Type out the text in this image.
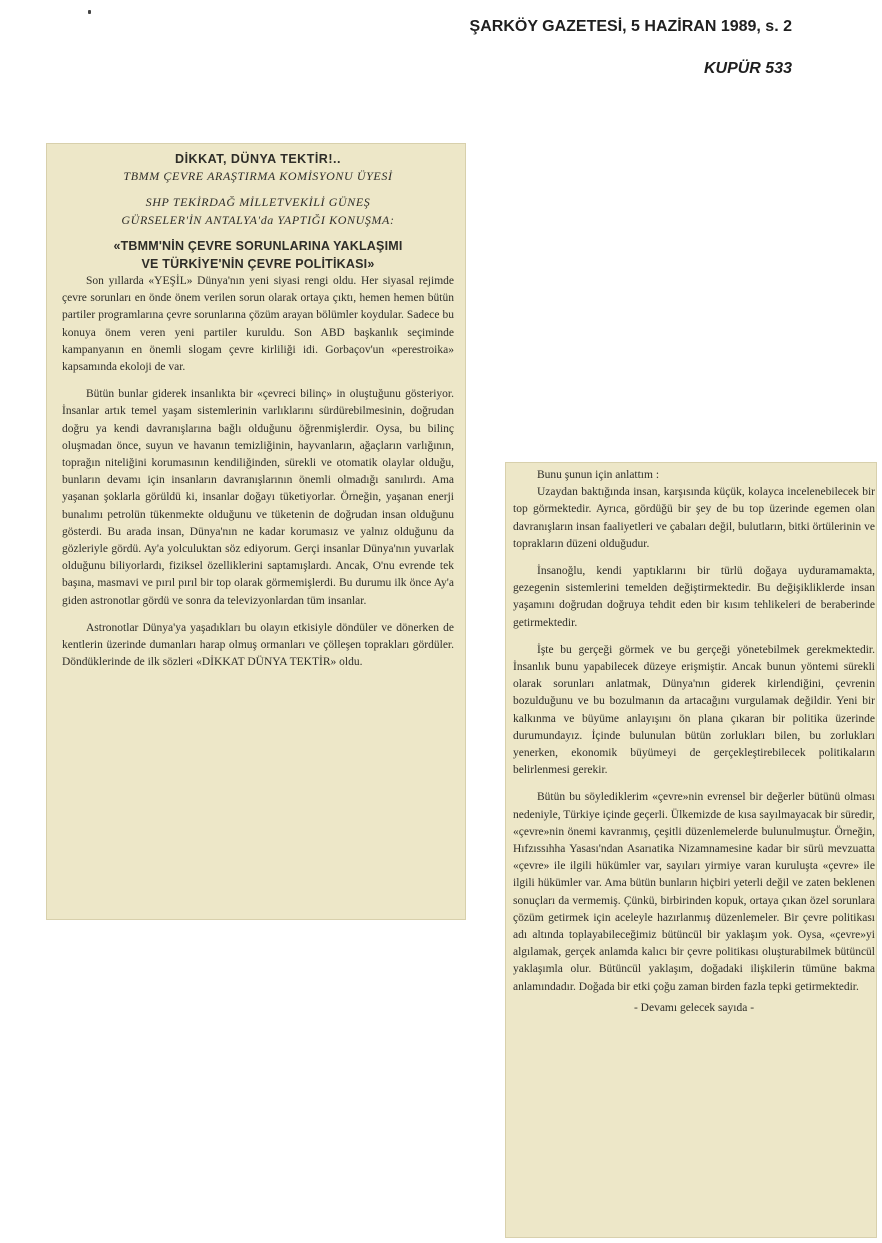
ŞARKÖY GAZETESİ, 5 HAZİRAN 1989, s. 2
KUPÜR 533

DİKKAT, DÜNYA TEKTİR!..

TBMM ÇEVRE ARAŞTIRMA KOMİSYONU ÜYESİ

SHP TEKİRDAĞ MİLLETVEKİLİ GÜNEŞ

GÜRSELER'İN ANTALYA'da YAPTIĞI KONUŞMA:

«TBMM'NİN ÇEVRE SORUNLARINA YAKLAŞIMI

VE TÜRKİYE'NİN ÇEVRE POLİTİKASI»

Son yıllarda «YEŞİL» Dünya'nın yeni siyasi rengi oldu. Her siyasal rejimde çevre sorunları en önde önem verilen sorun olarak ortaya çıktı, hemen hemen bütün partiler programlarına çevre sorunlarına çözüm arayan bölümler koydular. Sadece bu konuya önem veren yeni partiler kuruldu. Son ABD başkanlık seçiminde kampanyanın en önemli slogam çevre kirliliği idi. Gorbaçov'un «perestroika» kapsamında ekoloji de var.

Bütün bunlar giderek insanlıkta bir «çevreci bilinç» in oluştuğunu gösteriyor. İnsanlar artık temel yaşam sistemlerinin varlıklarını sürdürebilmesinin, doğrudan doğru ya kendi davranışlarına bağlı olduğunu öğrenmişlerdir. Oysa, bu bilinç oluşmadan önce, suyun ve havanın temizliğinin, hayvanların, ağaçların varlığının, toprağın niteliğini korumasının kendiliğinden, sürekli ve otomatik olaylar olduğu, bunların devamı için insanların davranışlarının önemli olmadığı sanılırdı. Ama yaşanan şoklarla görüldü ki, insanlar doğayı tüketiyorlar. Örneğin, yaşanan enerji bunalımı petrolün tükenmekte olduğunu ve tüketenin de doğrudan insan olduğunu gösterdi. Bu arada insan, Dünya'nın ne kadar korumasız ve yalnız olduğunu da gözleriyle gördü. Ay'a yolculuktan söz ediyorum. Gerçi insanlar Dünya'nın yuvarlak olduğunu biliyorlardı, fiziksel özelliklerini saptamışlardı. Ancak, O'nu evrende tek başına, masmavi ve pırıl pırıl bir top olarak görmemişlerdi. Bu durumu ilk önce Ay'a giden astronotlar gördü ve sonra da televizyonlardan tüm insanlar.

Astronotlar Dünya'ya yaşadıkları bu olayın etkisiyle döndüler ve dönerken de kentlerin üzerinde dumanları harap olmuş ormanları ve çölleşen toprakları gördüler. Döndüklerinde de ilk sözleri «DİKKAT DÜNYA TEKTİR» oldu.

Bunu şunun için anlattım :

Uzaydan baktığında insan, karşısında küçük, kolayca incelenebilecek bir top görmektedir. Ayrıca, gördüğü bir şey de bu top üzerinde egemen olan davranışların insan faaliyetleri ve çabaları değil, bulutların, bitki örtülerinin ve toprakların düzeni olduğudur.

İnsanoğlu, kendi yaptıklarını bir türlü doğaya uyduramamakta, gezegenin sistemlerini temelden değiştirmektedir. Bu değişikliklerde insan yaşamını doğrudan doğruya tehdit eden bir kısım tehlikeleri de beraberinde getirmektedir.

İşte bu gerçeği görmek ve bu gerçeği yönetebilmek gerekmektedir. İnsanlık bunu yapabilecek düzeye erişmiştir. Ancak bunun yöntemi sürekli olarak sorunları anlatmak, Dünya'nın giderek kirlendiğini, çevrenin bozulduğunu ve bu bozulmanın da artacağını vurgulamak değildir. Yeni bir kalkınma ve büyüme anlayışını ön plana çıkaran bir politika üzerinde durumundayız. İçinde bulunulan bütün zorlukları bilen, bu zorlukları yenerken, ekonomik büyümeyi de gerçekleştirebilecek politikaların belirlenmesi gerekir.

Bütün bu söylediklerim «çevre»nin evrensel bir değerler bütünü olması nedeniyle, Türkiye içinde geçerli. Ülkemizde de kısa sayılmayacak bir süredir, «çevre»nin önemi kavranmış, çeşitli düzenlemelerde bulunulmuştur. Örneğin, Hıfzıssıhha Yasası'ndan Asarıatika Nizamnamesine kadar bir sürü mevzuatta «çevre» ile ilgili hükümler var, sayıları yirmiye varan kuruluşta «çevre» ile ilgili hükümler var. Ama bütün bunların hiçbiri yeterli değil ve zaten beklenen sonuçları da vermemiş. Çünkü, birbirinden kopuk, ortaya çıkan özel sorunlara çözüm getirmek için aceleyle hazırlanmış düzenlemeler. Bir çevre politikası adı altında toplayabileceğimiz bütüncül bir yaklaşım yok. Oysa, «çevre»yi algılamak, gerçek anlamda kalıcı bir çevre politikası oluşturabilmek bütüncül yaklaşımla olur. Bütüncül yaklaşım, doğadaki ilişkilerin tümüne bakma anlamındadır. Doğada bir etki çoğu zaman birden fazla tepki getirmektedir.

- Devamı gelecek sayıda -
